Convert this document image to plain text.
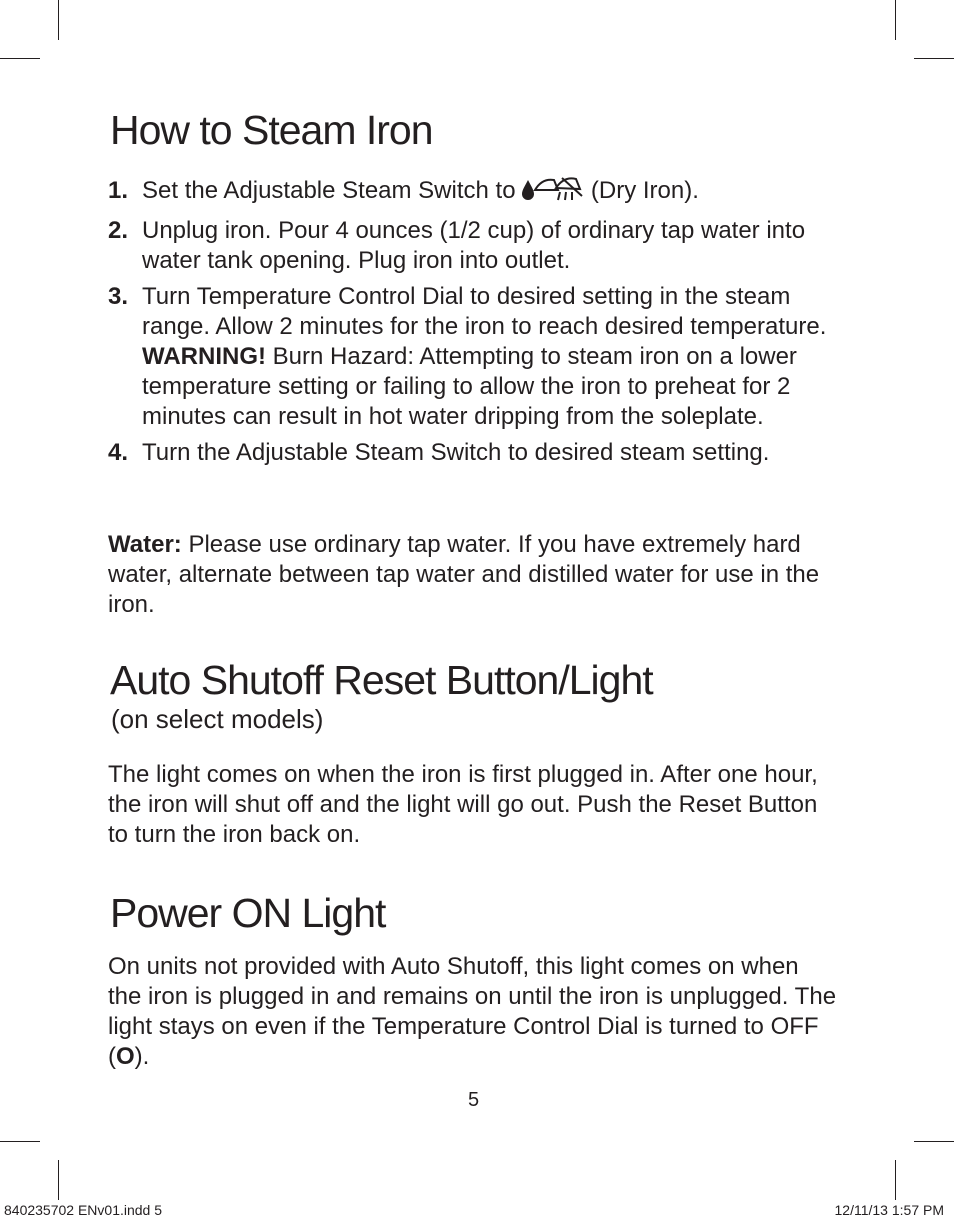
How to Steam Iron
1. Set the Adjustable Steam Switch to	(Dry Iron).
2. Unplug iron. Pour 4 ounces (1/2 cup) of ordinary tap water into water tank opening. Plug iron into outlet.
3. Turn Temperature Control Dial to desired setting in the steam range. Allow 2 minutes for the iron to reach desired temperature.
WARNING! Burn Hazard: Attempting to steam iron on a lower temperature setting or failing to allow the iron to preheat for 2 minutes can result in hot water dripping from the soleplate.
4. Turn the Adjustable Steam Switch to desired steam setting.
Water: Please use ordinary tap water. If you have extremely hard water, alternate between tap water and distilled water for use in the iron.
Auto Shutoff Reset Button/Light
(on select models)
The light comes on when the iron is first plugged in. After one hour, the iron will shut off and the light will go out. Push the Reset Button to turn the iron back on.
Power ON Light
On units not provided with Auto Shutoff, this light comes on when the iron is plugged in and remains on until the iron is unplugged. The light stays on even if the Temperature Control Dial is turned to OFF (O).
5
840235702 ENv01.indd 5	12/11/13 1:57 PM
